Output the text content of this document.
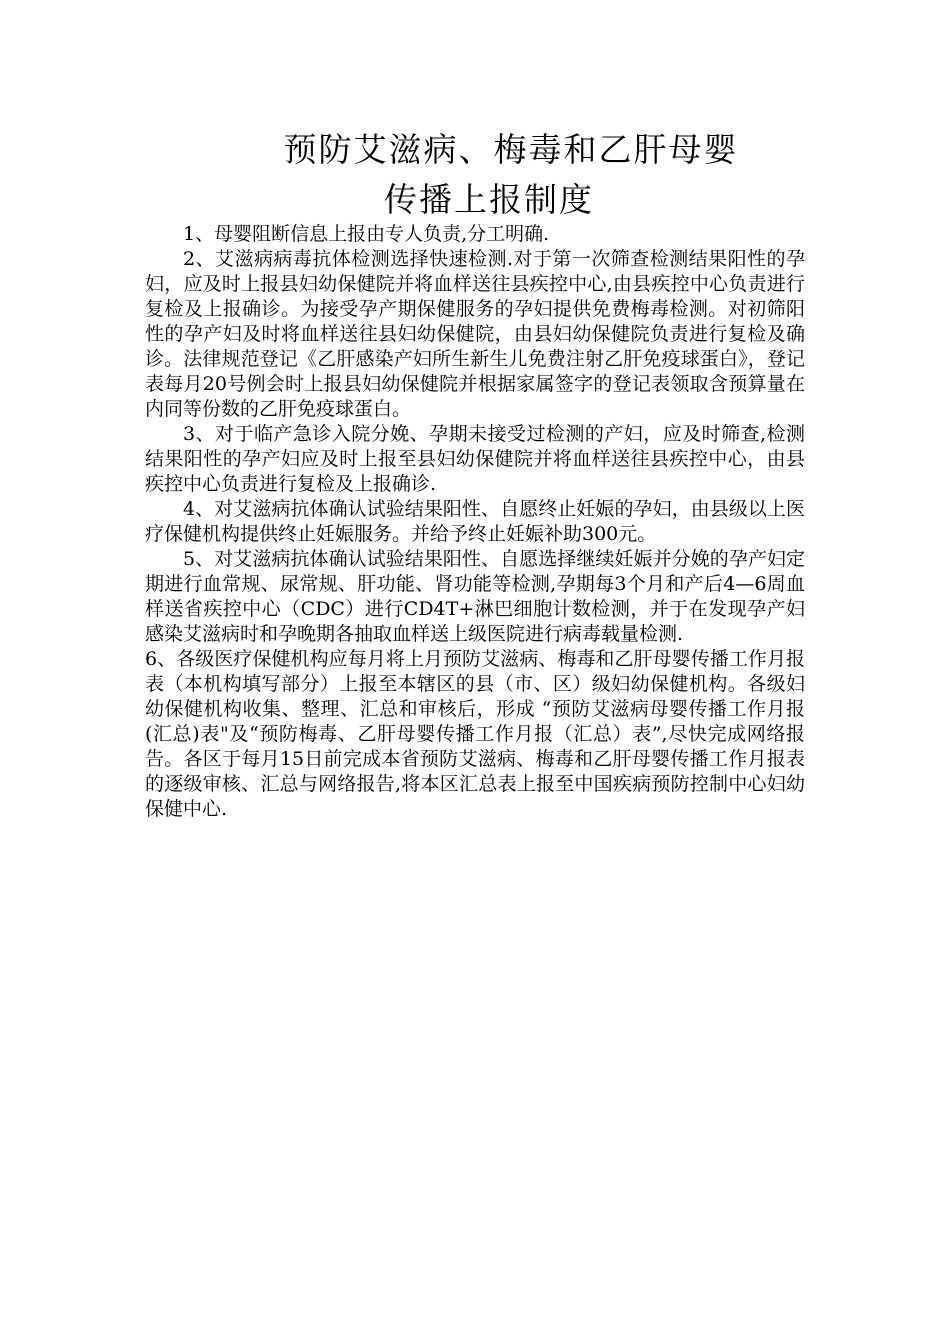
预防艾滋病、梅毒和乙肝母婴
传播上报制度

1、母婴阻断信息上报由专人负责,分工明确.

2、艾滋病病毒抗体检测选择快速检测.对于第一次筛查检测结果阳性的孕妇，应及时上报县妇幼保健院并将血样送往县疾控中心,由县疾控中心负责进行复检及上报确诊。为接受孕产期保健服务的孕妇提供免费梅毒检测。对初筛阳性的孕产妇及时将血样送往县妇幼保健院，由县妇幼保健院负责进行复检及确诊。法律规范登记《乙肝感染产妇所生新生儿免费注射乙肝免疫球蛋白》，登记表每月20号例会时上报县妇幼保健院并根据家属签字的登记表领取含预算量在内同等份数的乙肝免疫球蛋白。

3、对于临产急诊入院分娩、孕期未接受过检测的产妇，应及时筛查,检测结果阳性的孕产妇应及时上报至县妇幼保健院并将血样送往县疾控中心，由县疾控中心负责进行复检及上报确诊.

4、对艾滋病抗体确认试验结果阳性、自愿终止妊娠的孕妇，由县级以上医疗保健机构提供终止妊娠服务。并给予终止妊娠补助300元。

5、对艾滋病抗体确认试验结果阳性、自愿选择继续妊娠并分娩的孕产妇定期进行血常规、尿常规、肝功能、肾功能等检测,孕期每3个月和产后4—6周血样送省疾控中心（CDC）进行CD4T+淋巴细胞计数检测，并于在发现孕产妇感染艾滋病时和孕晚期各抽取血样送上级医院进行病毒载量检测.

6、各级医疗保健机构应每月将上月预防艾滋病、梅毒和乙肝母婴传播工作月报表（本机构填写部分）上报至本辖区的县（市、区）级妇幼保健机构。各级妇幼保健机构收集、整理、汇总和审核后，形成 “预防艾滋病母婴传播工作月报(汇总)表"及“预防梅毒、乙肝母婴传播工作月报（汇总）表”,尽快完成网络报告。各区于每月15日前完成本省预防艾滋病、梅毒和乙肝母婴传播工作月报表的逐级审核、汇总与网络报告,将本区汇总表上报至中国疾病预防控制中心妇幼保健中心.
